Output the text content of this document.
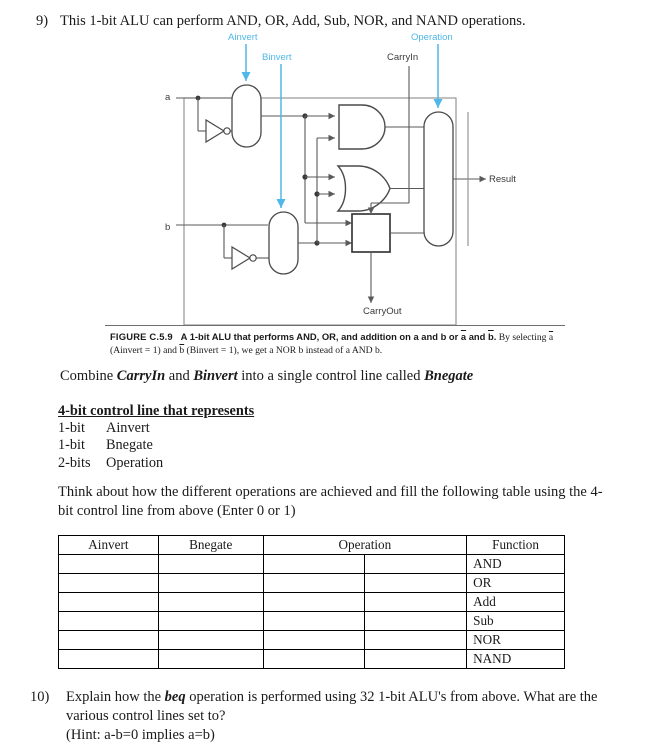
9) This 1-bit ALU can perform AND, OR, Add, Sub, NOR, and NAND operations.
Ainvert
Binvert
Operation
CarryIn
CarryOut
a
b
Result
FIGURE C.5.9 A 1-bit ALU that performs AND, OR, and addition on a and b or $\overline{a}$ and $\overline{b}$. By selecting $\overline{a}$ (Ainvert = 1) and $\overline{b}$ (Binvert = 1), we get a NOR b instead of a AND b.
Combine CarryIn and Binvert into a single control line called Bnegate
4-bit control line that represents
1-bit Ainvert
1-bit Bnegate
2-bits Operation
Think about how the different operations are achieved and fill the following table using the 4-bit control line from above (Enter 0 or 1)
Ainvert	Bnegate	Operation		Function
				AND
				OR
				Add
				Sub
				NOR
				NAND
10) Explain how the beq operation is performed using 32 1-bit ALU's from above. What are the various control lines set to?
(Hint: a-b=0 implies a=b)
